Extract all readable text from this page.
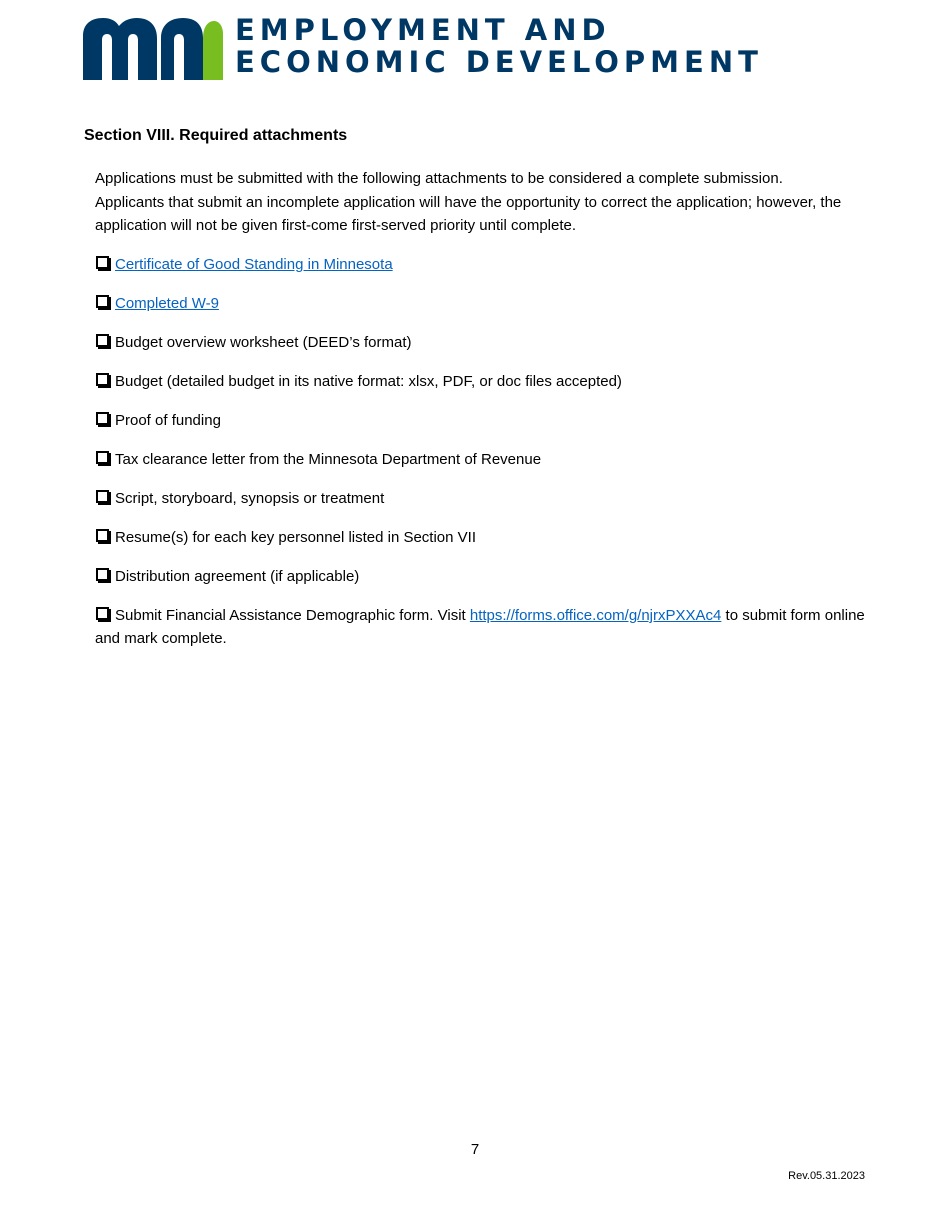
EMPLOYMENT AND
ECONOMIC DEVELOPMENT
Section VIII. Required attachments
Applications must be submitted with the following attachments to be considered a complete submission. Applicants that submit an incomplete application will have the opportunity to correct the application; however, the application will not be given first-come first-served priority until complete.
Certificate of Good Standing in Minnesota
Completed W-9
Budget overview worksheet (DEED’s format)
Budget (detailed budget in its native format: xlsx, PDF, or doc files accepted)
Proof of funding
Tax clearance letter from the Minnesota Department of Revenue
Script, storyboard, synopsis or treatment
Resume(s) for each key personnel listed in Section VII
Distribution agreement (if applicable)
Submit Financial Assistance Demographic form. Visit https://forms.office.com/g/njrxPXXAc4 to submit form online and mark complete.
7
Rev.05.31.2023
